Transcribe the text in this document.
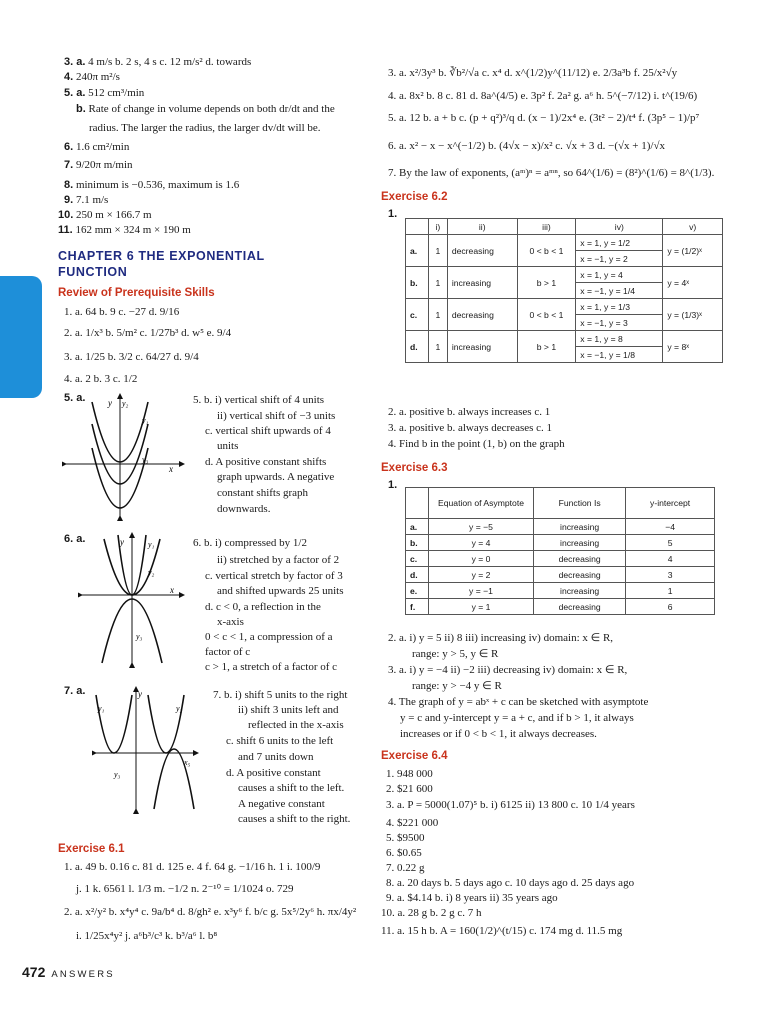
3. a. 4 m/s b. 2 s, 4 s c. 12 m/s² d. towards
4. 240π m²/s
5. a. 512 cm³/min
b. Rate of change in volume depends on both dr/dt and the
radius. The larger the radius, the larger dv/dt will be.
6. 1.6 cm²/min
7. 9/20π m/min
8. minimum is −0.536, maximum is 1.6
9. 7.1 m/s
10. 250 m × 166.7 m
11. 162 mm × 324 m × 190 m
CHAPTER 6 THE EXPONENTIAL
FUNCTION
Review of Prerequisite Skills
1. a. 64 b. 9 c. −27 d. 9/16
2. a. 1/x³ b. 5/m² c. 1/27b³ d. w⁵ e. 9/4
3. a. 1/25 b. 3/2 c. 64/27 d. 9/4
4. a. 2 b. 3 c. 1/2
5. a.	y y₂
y₁
y₃
x
5. b. i) vertical shift of 4 units
ii) vertical shift of −3 units
c. vertical shift upwards of 4
units
d. A positive constant shifts
graph upwards. A negative
constant shifts graph
downwards.
6. a.	y	y₁
y₂
y₃
x
6. b. i) compressed by 1/2
ii) stretched by a factor of 2
c. vertical stretch by factor of 3
and shifted upwards 25 units
d. c < 0, a reflection in the
x-axis
0 < c < 1, a compression of a
factor of c
c > 1, a stretch of a factor of c
7. a.	y
y₁	y₂
y₃
x₅
7. b. i) shift 5 units to the right
ii) shift 3 units left and
reflected in the x-axis
c. shift 6 units to the left
and 7 units down
d. A positive constant
causes a shift to the left.
A negative constant
causes a shift to the right.
Exercise 6.1
1. a. 49 b. 0.16 c. 81 d. 125 e. 4 f. 64 g. −1/16 h. 1 i. 100/9
j. 1 k. 6561 l. 1/3 m. −1/2 n. 2⁻¹⁰ = 1/1024 o. 729
2. a. x²/y² b. x⁴y⁴ c. 9a/b⁴ d. 8/gh² e. x³y⁶ f. b/c g. 5x⁵/2y⁶ h. πx/4y²
i. 1/25x⁴y² j. a⁶b³/c³ k. b³/a⁶ l. b⁸
3. a. x²/3y³ b. ∛b²/√a c. x⁴ d. x^(1/2)y^(11/12) e. 2/3a³b f. 25/x²√y
4. a. 8x² b. 8 c. 81 d. 8a^(4/5) e. 3p² f. 2a² g. a⁶ h. 5^(−7/12) i. t^(19/6)
5. a. 12 b. a + b c. (p + q²)³/q d. (x − 1)/2x⁴ e. (3t² − 2)/t⁴ f. (3p⁵ − 1)/p⁷
6. a. x² − x − x^(−1/2) b. (4√x − x)/x² c. √x + 3 d. −(√x + 1)/√x
7. By the law of exponents, (aᵐ)ⁿ = aᵐⁿ, so 64^(1/6) = (8²)^(1/6) = 8^(1/3).
Exercise 6.2
1.
	i)	ii)	iii)	iv)	v)
a.	1	decreasing	0 < b < 1	x = 1, y = 1/2	y = (1/2)ˣ
				x = −1, y = 2	
b.	1	increasing	b > 1	x = 1, y = 4	y = 4ˣ
				x = −1, y = 1/4	
c.	1	decreasing	0 < b < 1	x = 1, y = 1/3	y = (1/3)ˣ
				x = −1, y = 3	
d.	1	increasing	b > 1	x = 1, y = 8	y = 8ˣ
				x = −1, y = 1/8	
2. a. positive b. always increases c. 1
3. a. positive b. always decreases c. 1
4. Find b in the point (1, b) on the graph
Exercise 6.3
1.
	Equation of Asymptote	Function Is	y-intercept
a.	y = −5	increasing	−4
b.	y = 4	increasing	5
c.	y = 0	decreasing	4
d.	y = 2	decreasing	3
e.	y = −1	increasing	1
f.	y = 1	decreasing	6
2. a. i) y = 5 ii) 8 iii) increasing iv) domain: x ∈ R,
range: y > 5, y ∈ R
3. a. i) y = −4 ii) −2 iii) decreasing iv) domain: x ∈ R,
range: y > −4 y ∈ R
4. The graph of y = abˣ + c can be sketched with asymptote
y = c and y-intercept y = a + c, and if b > 1, it always
increases or if 0 < b < 1, it always decreases.
Exercise 6.4
1. 948 000
2. $21 600
3. a. P = 5000(1.07)⁵ b. i) 6125 ii) 13 800 c. 10 1/4 years
4. $221 000
5. $9500
6. $0.65
7. 0.22 g
8. a. 20 days b. 5 days ago c. 10 days ago d. 25 days ago
9. a. $4.14 b. i) 8 years ii) 35 years ago
10. a. 28 g b. 2 g c. 7 h
11. a. 15 h b. A = 160(1/2)^(t/15) c. 174 mg d. 11.5 mg
472 ANSWERS
